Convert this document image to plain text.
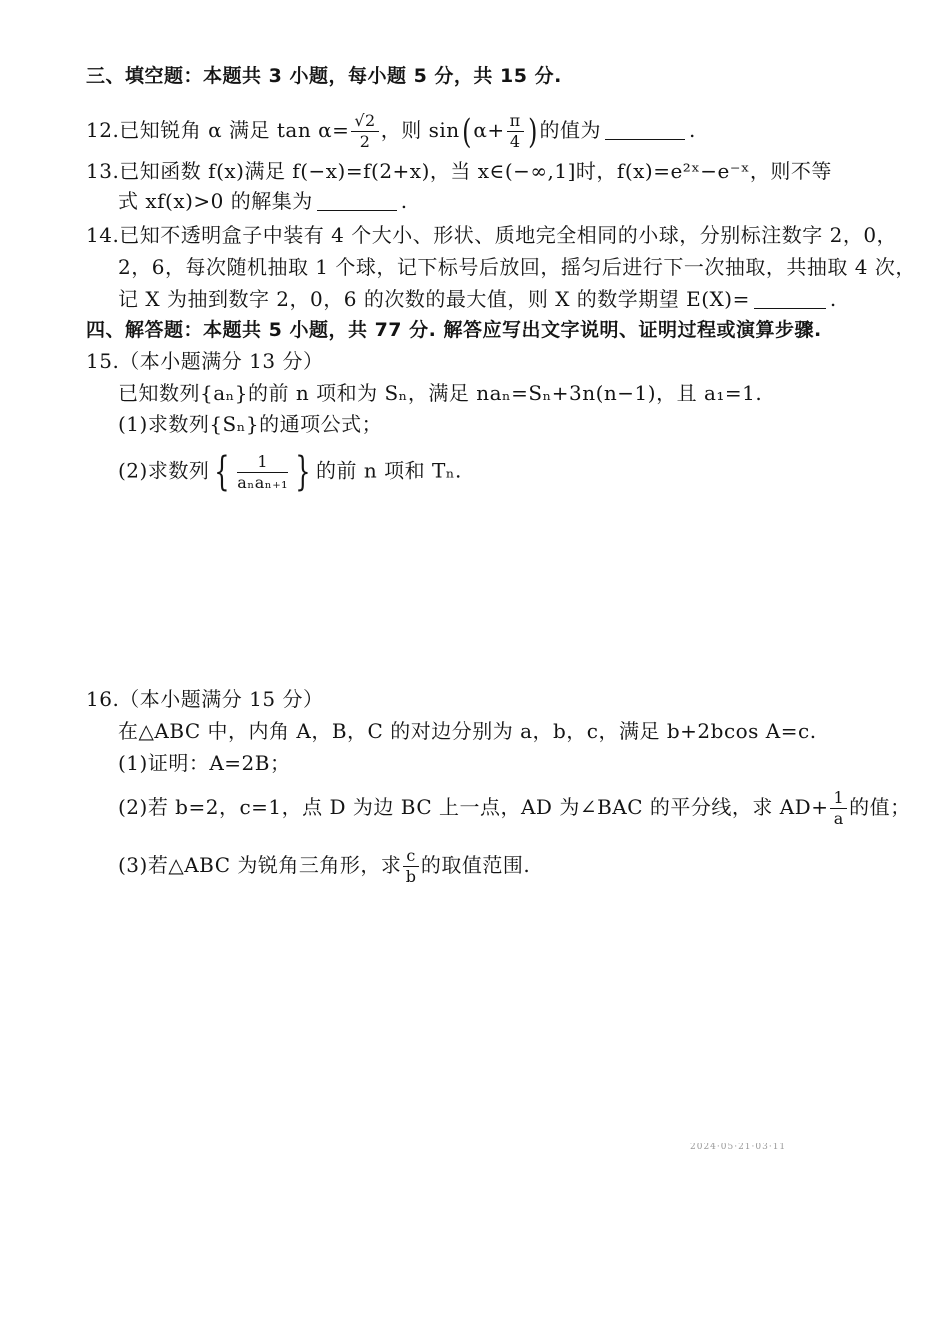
三、填空题：本题共 3 小题，每小题 5 分，共 15 分.
12.已知锐角 α 满足 $\tan \alpha= \frac{√2}{2}$ ，则 sin( $\alpha+ \frac{\pi}{4}$ ) 的值为	.
13.已知函数 f(x)满足 f(−x)=f(2+x)，当 x∈(−∞,1]时，f(x)=e²ˣ−e⁻ˣ，则不等
式 xf(x)>0 的解集为	.
14.已知不透明盒子中装有 4 个大小、形状、质地完全相同的小球，分别标注数字 2，0，
2，6，每次随机抽取 1 个球，记下标号后放回，摇匀后进行下一次抽取，共抽取 4 次，
记 X 为抽到数字 2，0，6 的次数的最大值，则 X 的数学期望 E(X)=	.
四、解答题：本题共 5 小题，共 77 分. 解答应写出文字说明、证明过程或演算步骤.
15.（本小题满分 13 分）
已知数列{aₙ}的前 n 项和为 Sₙ，满足 naₙ=Sₙ+3n(n−1)，且 a₁=1.
(1)求数列{Sₙ}的通项公式；
(2)求数列 { $\frac{1}{\text{aₙaₙ₊₁}}$ } 的前 n 项和 Tₙ.
16.（本小题满分 15 分）
在△ABC 中，内角 A，B，C 的对边分别为 a，b，c，满足 b+2bcos A=c.
(1)证明：A=2B；
(2)若 b=2，c=1，点 D 为边 BC 上一点，AD 为∠BAC 的平分线，求 $AD+ \frac{1}{a}$ 的值；
(3)若△ABC 为锐角三角形，求 $\frac{c}{b}$ 的取值范围.
2024·05·21·03·11
